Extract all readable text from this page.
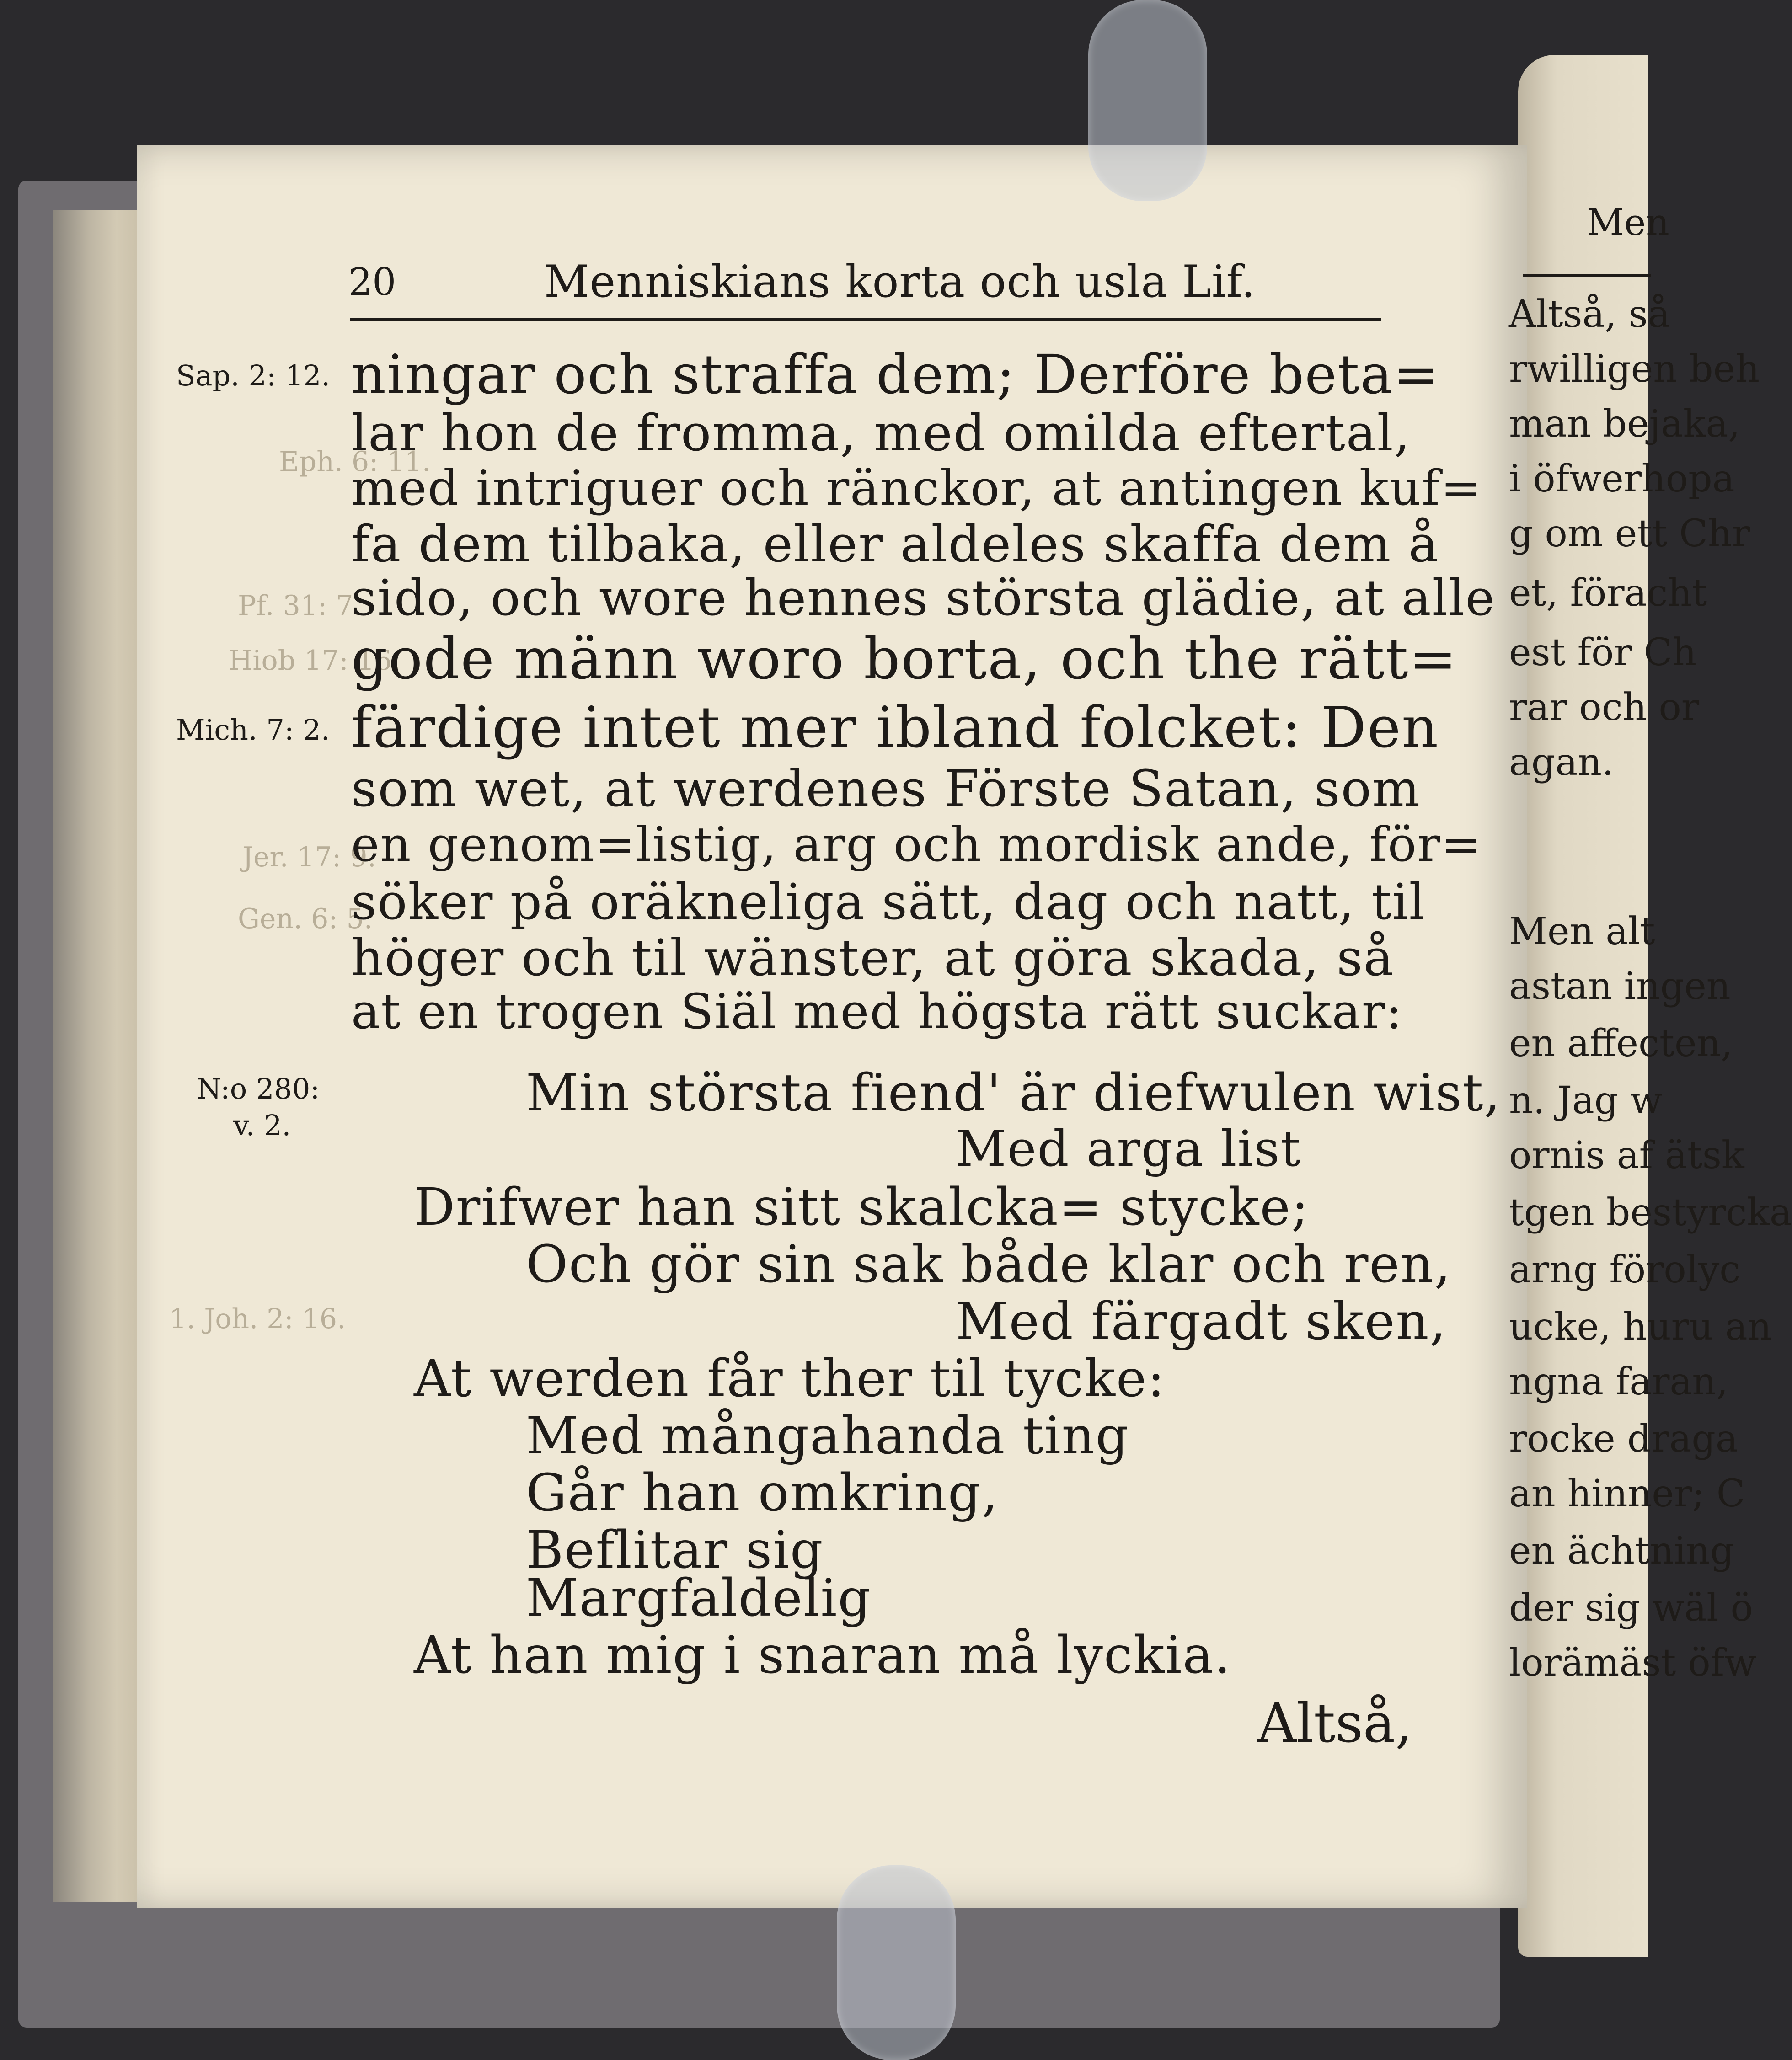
20	Menniskians korta och usla Lif.
Eph. 6: 11.
Pf. 31: 7.
Hiob 17: 16.
Jer. 17: 9.
Gen. 6: 5.
1. Joh. 2: 16.
Sap. 2: 12.
Mich. 7: 2.
N:o 280:
v. 2.
ningar och straffa dem; Derföre beta=
lar hon de fromma, med omilda eftertal,
med intriguer och ränckor, at antingen kuf=
fa dem tilbaka, eller aldeles skaffa dem å
sido, och wore hennes största glädie, at alle
gode männ woro borta, och the rätt=
färdige intet mer ibland folcket: Den
som wet, at werdenes Förste Satan, som
en genom=listig, arg och mordisk ande, för=
söker på oräkneliga sätt, dag och natt, til
höger och til wänster, at göra skada, så
at en trogen Siäl med högsta rätt suckar:
Min största fiend' är diefwulen wist,
Med arga list
Drifwer han sitt skalcka= stycke;
Och gör sin sak både klar och ren,
Med färgadt sken,
At werden får ther til tycke:
Med mångahanda ting
Går han omkring,
Beflitar sig
Margfaldelig
At han mig i snaran må lyckia.
Altså,
Men
Altså, så
rwilligen beh
man bejaka,
i öfwerhopa
g om ett Chr
et, föracht
est för Ch
rar och or
agan.
Men alt
astan ingen
en affecten,
n. Jag w
ornis af ätsk
tgen bestyrcka
arng förolyc
ucke, huru an
ngna faran,
rocke draga
an hinner; C
en ächtning
der sig wäl ö
lorämäst öfw
